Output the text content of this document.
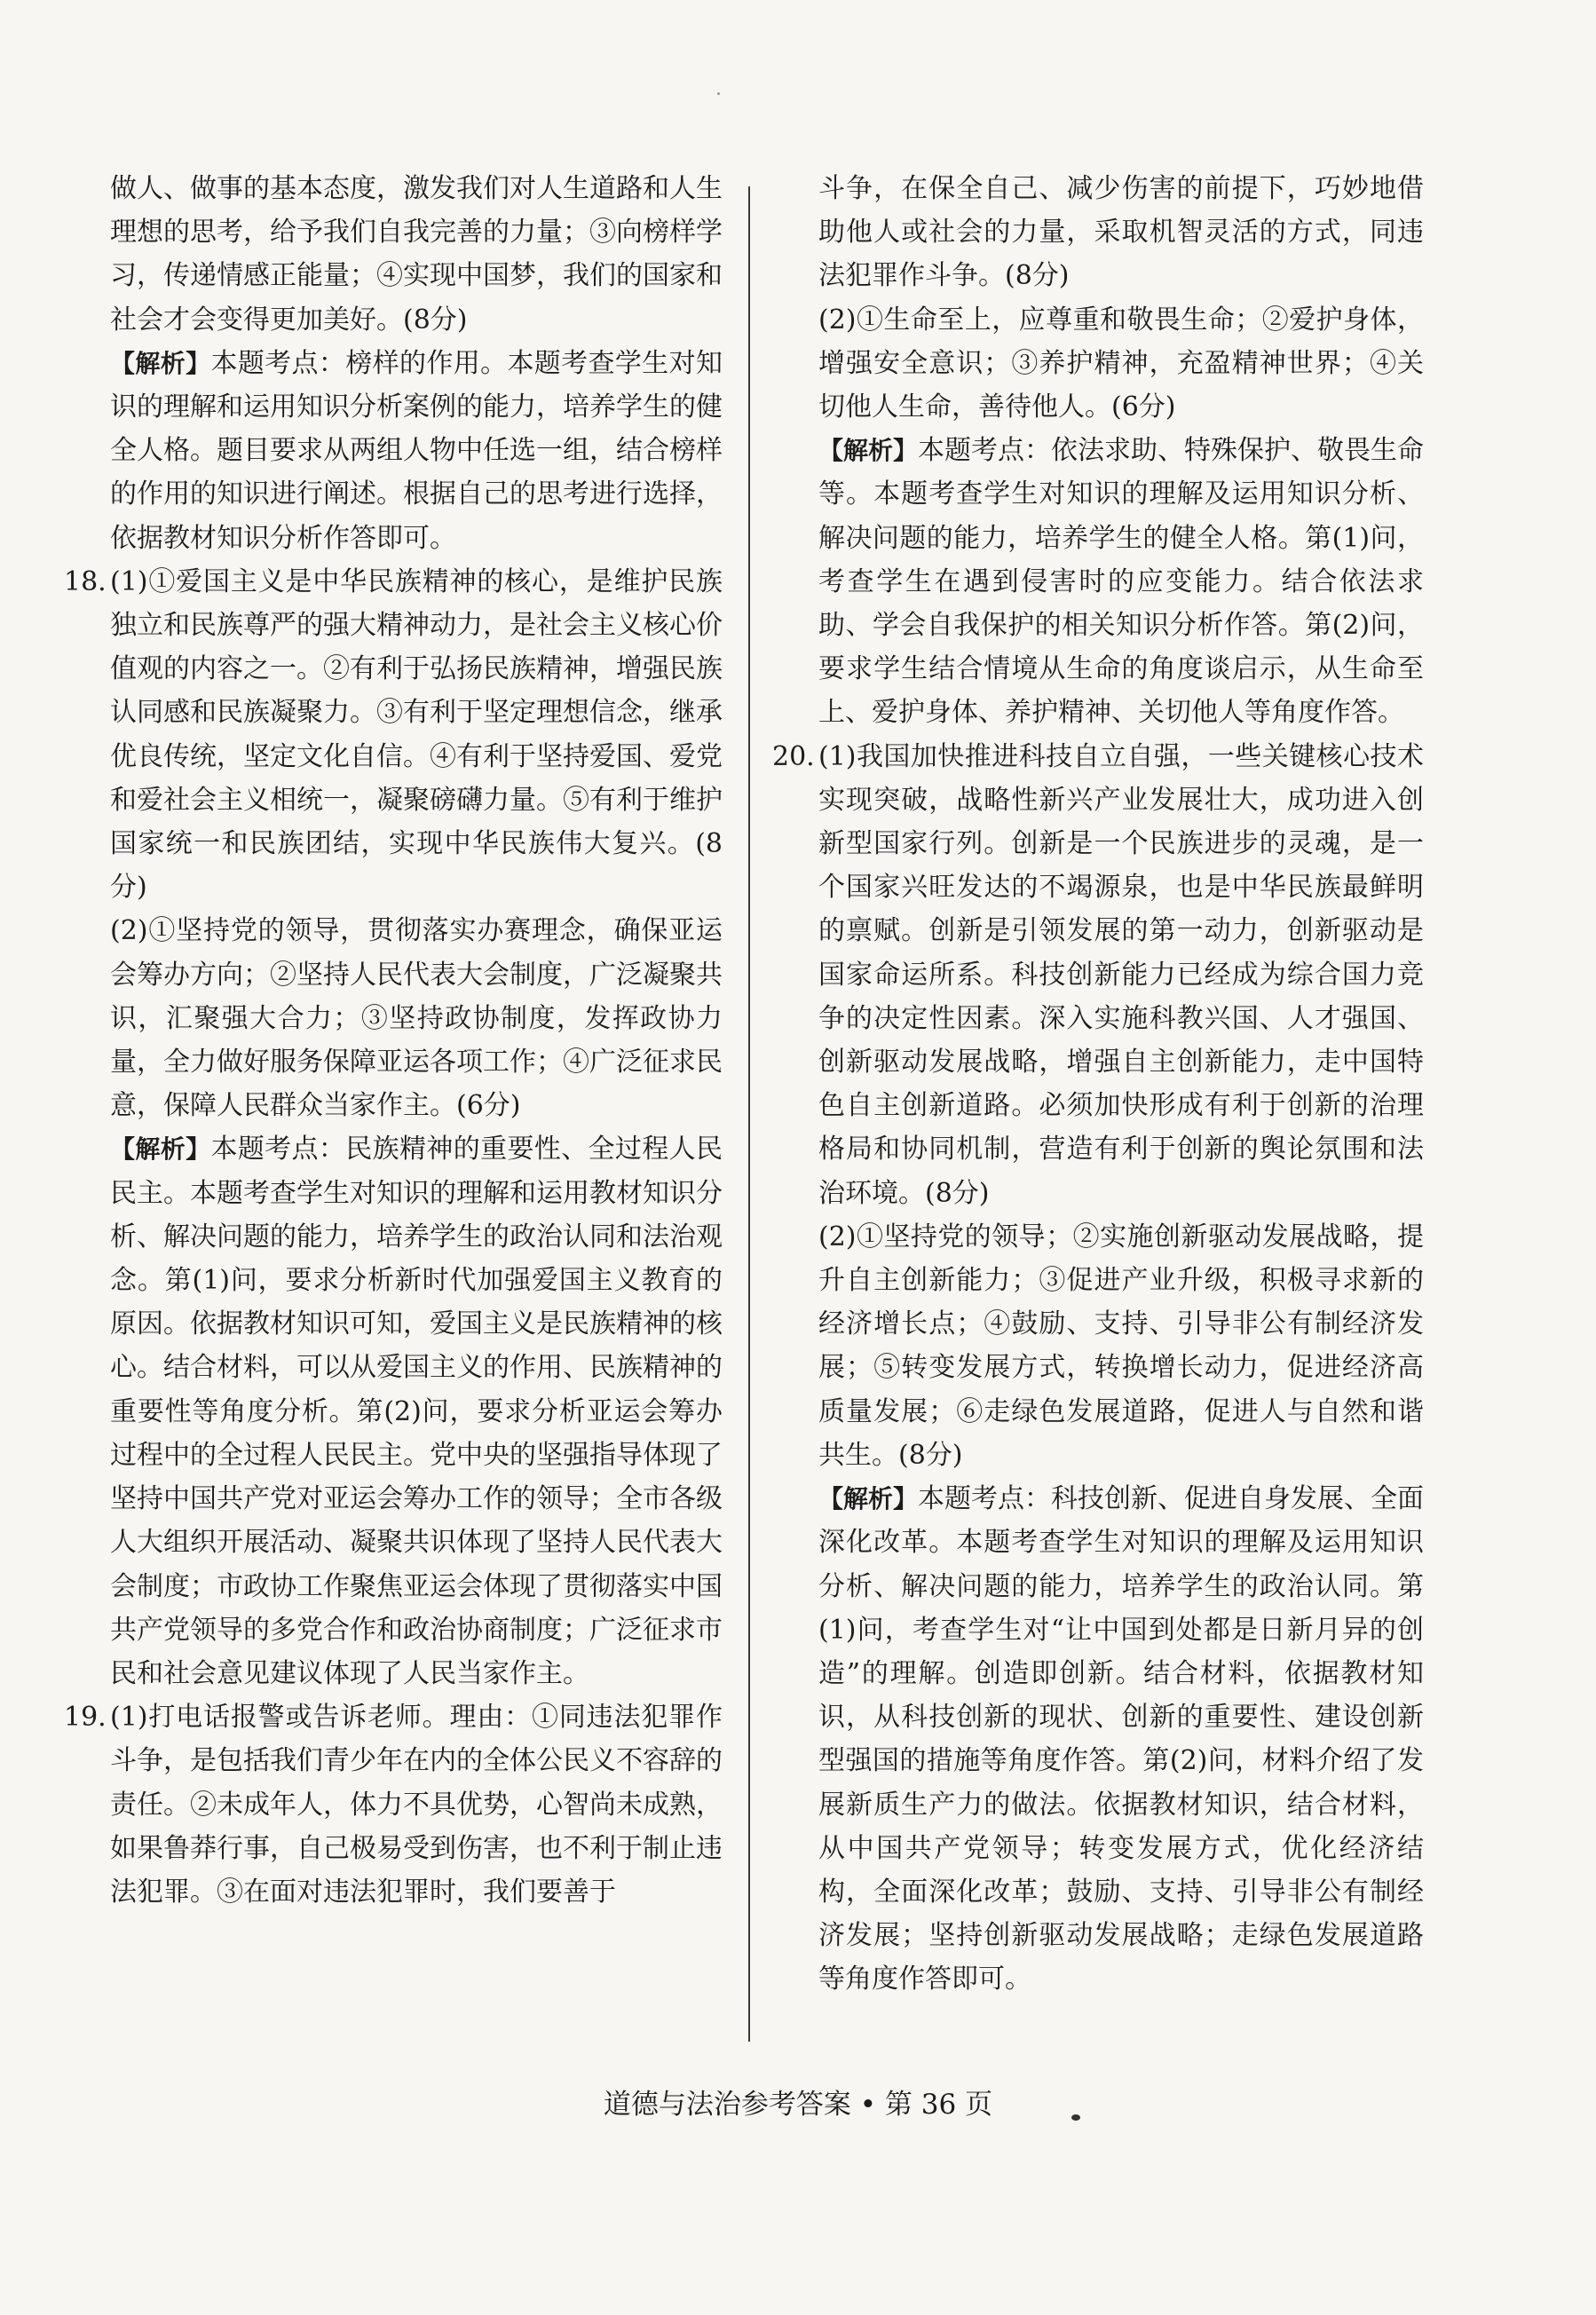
做人、做事的基本态度，激发我们对人生道路和人生理想的思考，给予我们自我完善的力量；③向榜样学习，传递情感正能量；④实现中国梦，我们的国家和社会才会变得更加美好。(8分)

【解析】本题考点：榜样的作用。本题考查学生对知识的理解和运用知识分析案例的能力，培养学生的健全人格。题目要求从两组人物中任选一组，结合榜样的作用的知识进行阐述。根据自己的思考进行选择，依据教材知识分析作答即可。

18. (1)①爱国主义是中华民族精神的核心，是维护民族独立和民族尊严的强大精神动力，是社会主义核心价值观的内容之一。②有利于弘扬民族精神，增强民族认同感和民族凝聚力。③有利于坚定理想信念，继承优良传统，坚定文化自信。④有利于坚持爱国、爱党和爱社会主义相统一，凝聚磅礴力量。⑤有利于维护国家统一和民族团结，实现中华民族伟大复兴。(8分)

(2)①坚持党的领导，贯彻落实办赛理念，确保亚运会筹办方向；②坚持人民代表大会制度，广泛凝聚共识，汇聚强大合力；③坚持政协制度，发挥政协力量，全力做好服务保障亚运各项工作；④广泛征求民意，保障人民群众当家作主。(6分)

【解析】本题考点：民族精神的重要性、全过程人民民主。本题考查学生对知识的理解和运用教材知识分析、解决问题的能力，培养学生的政治认同和法治观念。第(1)问，要求分析新时代加强爱国主义教育的原因。依据教材知识可知，爱国主义是民族精神的核心。结合材料，可以从爱国主义的作用、民族精神的重要性等角度分析。第(2)问，要求分析亚运会筹办过程中的全过程人民民主。党中央的坚强指导体现了坚持中国共产党对亚运会筹办工作的领导；全市各级人大组织开展活动、凝聚共识体现了坚持人民代表大会制度；市政协工作聚焦亚运会体现了贯彻落实中国共产党领导的多党合作和政治协商制度；广泛征求市民和社会意见建议体现了人民当家作主。

19. (1)打电话报警或告诉老师。理由：①同违法犯罪作斗争，是包括我们青少年在内的全体公民义不容辞的责任。②未成年人，体力不具优势，心智尚未成熟，如果鲁莽行事，自己极易受到伤害，也不利于制止违法犯罪。③在面对违法犯罪时，我们要善于

斗争，在保全自己、减少伤害的前提下，巧妙地借助他人或社会的力量，采取机智灵活的方式，同违法犯罪作斗争。(8分)

(2)①生命至上，应尊重和敬畏生命；②爱护身体，增强安全意识；③养护精神，充盈精神世界；④关切他人生命，善待他人。(6分)

【解析】本题考点：依法求助、特殊保护、敬畏生命等。本题考查学生对知识的理解及运用知识分析、解决问题的能力，培养学生的健全人格。第(1)问，考查学生在遇到侵害时的应变能力。结合依法求助、学会自我保护的相关知识分析作答。第(2)问，要求学生结合情境从生命的角度谈启示，从生命至上、爱护身体、养护精神、关切他人等角度作答。

20. (1)我国加快推进科技自立自强，一些关键核心技术实现突破，战略性新兴产业发展壮大，成功进入创新型国家行列。创新是一个民族进步的灵魂，是一个国家兴旺发达的不竭源泉，也是中华民族最鲜明的禀赋。创新是引领发展的第一动力，创新驱动是国家命运所系。科技创新能力已经成为综合国力竞争的决定性因素。深入实施科教兴国、人才强国、创新驱动发展战略，增强自主创新能力，走中国特色自主创新道路。必须加快形成有利于创新的治理格局和协同机制，营造有利于创新的舆论氛围和法治环境。(8分)

(2)①坚持党的领导；②实施创新驱动发展战略，提升自主创新能力；③促进产业升级，积极寻求新的经济增长点；④鼓励、支持、引导非公有制经济发展；⑤转变发展方式，转换增长动力，促进经济高质量发展；⑥走绿色发展道路，促进人与自然和谐共生。(8分)

【解析】本题考点：科技创新、促进自身发展、全面深化改革。本题考查学生对知识的理解及运用知识分析、解决问题的能力，培养学生的政治认同。第(1)问，考查学生对“让中国到处都是日新月异的创造”的理解。创造即创新。结合材料，依据教材知识，从科技创新的现状、创新的重要性、建设创新型强国的措施等角度作答。第(2)问，材料介绍了发展新质生产力的做法。依据教材知识，结合材料，从中国共产党领导；转变发展方式，优化经济结构，全面深化改革；鼓励、支持、引导非公有制经济发展；坚持创新驱动发展战略；走绿色发展道路等角度作答即可。

道德与法治参考答案 • 第 36 页
